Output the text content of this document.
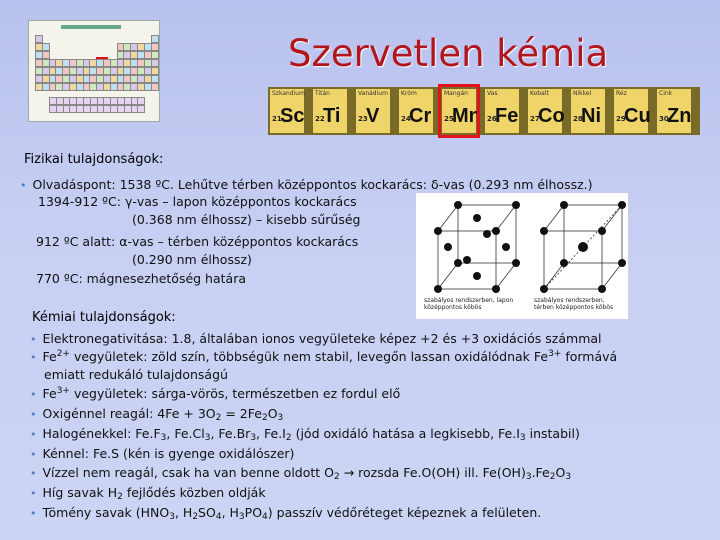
Szervetlen kémia
Szkandium
21
Sc
Titán
22
Ti
Vanádium
23
V
Króm
24
Cr
Mangán
25
Mn
Vas
26
Fe
Kobalt
27
Co
Nikkel
28
Ni
Réz
29
Cu
Cink
30
Zn
Fizikai tulajdonságok:
• Olvadáspont: 1538 ºC. Lehűtve térben középpontos kockarács: δ-vas (0.293 nm élhossz.)
1394-912 ºC: γ-vas – lapon középpontos kockarács
(0.368 nm élhossz) – kisebb sűrűség
912 ºC alatt: α-vas – térben középpontos kockarács
(0.290 nm élhossz)
770 ºC: mágnesezhetőség határa
szabályos rendszerben, lapon középpontos köbös
szabályos rendszerben, térben középpontos köbös
Kémiai tulajdonságok:
• Elektronegativitása: 1.8, általában ionos vegyületeke képez +2 és +3 oxidációs számmal
• $Fe^{2+}$ vegyületek: zöld szín, többségük nem stabil, levegőn lassan oxidálódnak $Fe^{3+}$ formává
emiatt redukáló tulajdonságú
• $Fe^{3+}$ vegyületek: sárga-vörös, természetben ez fordul elő
• Oxigénnel reagál: $4Fe + 3O_2 = 2Fe_2O_3$
• Halogénekkel: $Fe.F_3$, $Fe.Cl_3$, $Fe.Br_3$, $Fe.I_2$ (jód oxidáló hatása a legkisebb, $Fe.I_3$ instabil)
• Kénnel: Fe.S (kén is gyenge oxidálószer)
• Vízzel nem reagál, csak ha van benne oldott $O_2$ → rozsda Fe.O(OH) ill. $Fe(OH)_3.Fe_2O_3$
• Híg savak $H_2$ fejlődés közben oldják
• Tömény savak ($HNO_3$, $H_2SO_4$, $H_3PO_4$) passzív védőréteget képeznek a felületen.
